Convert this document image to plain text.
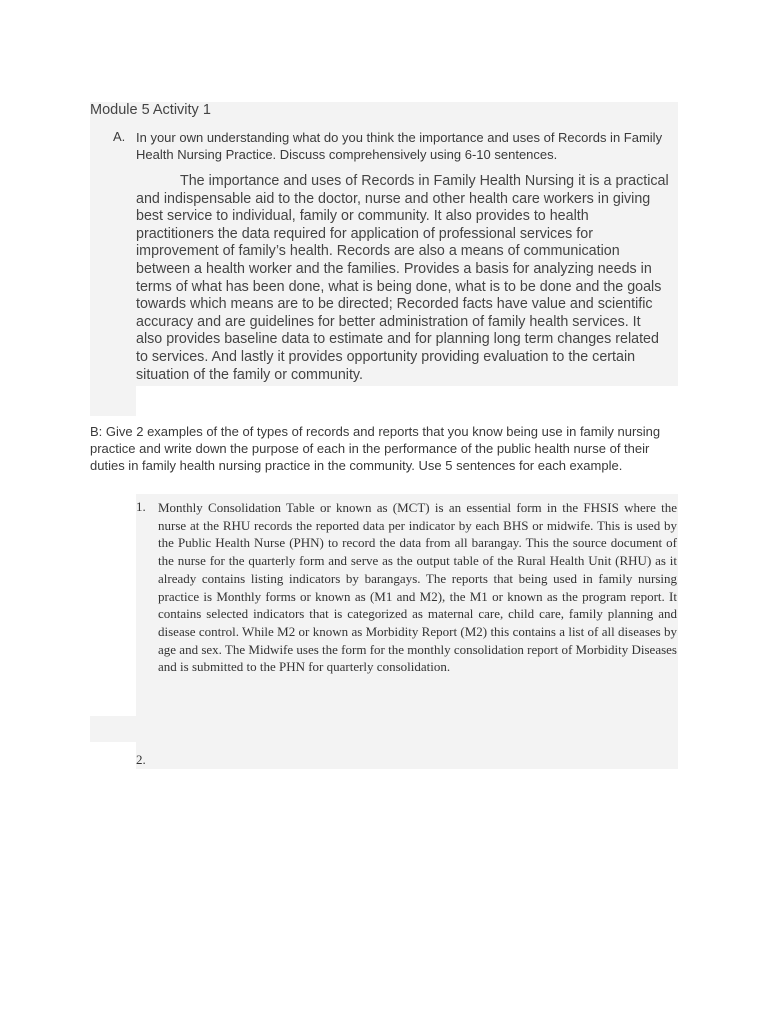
Module 5 Activity 1
A. In your own understanding what do you think the importance and uses of Records in Family Health Nursing Practice. Discuss comprehensively using 6-10 sentences.

The importance and uses of Records in Family Health Nursing it is a practical and indispensable aid to the doctor, nurse and other health care workers in giving best service to individual, family or community. It also provides to health practitioners the data required for application of professional services for improvement of family’s health. Records are also a means of communication between a health worker and the families. Provides a basis for analyzing needs in terms of what has been done, what is being done, what is to be done and the goals towards which means are to be directed; Recorded facts have value and scientific accuracy and are guidelines for better administration of family health services. It also provides baseline data to estimate and for planning long term changes related to services. And lastly it provides opportunity providing evaluation to the certain situation of the family or community.

B: Give 2 examples of the of types of records and reports that you know being use in family nursing practice and write down the purpose of each in the performance of the public health nurse of their duties in family health nursing practice in the community. Use 5 sentences for each example.

1. Monthly Consolidation Table or known as (MCT) is an essential form in the FHSIS where the nurse at the RHU records the reported data per indicator by each BHS or midwife. This is used by the Public Health Nurse (PHN) to record the data from all barangay. This the source document of the nurse for the quarterly form and serve as the output table of the Rural Health Unit (RHU) as it already contains listing indicators by barangays. The reports that being used in family nursing practice is Monthly forms or known as (M1 and M2), the M1 or known as the program report. It contains selected indicators that is categorized as maternal care, child care, family planning and disease control. While M2 or known as Morbidity Report (M2) this contains a list of all diseases by age and sex. The Midwife uses the form for the monthly consolidation report of Morbidity Diseases and is submitted to the PHN for quarterly consolidation.

2.
